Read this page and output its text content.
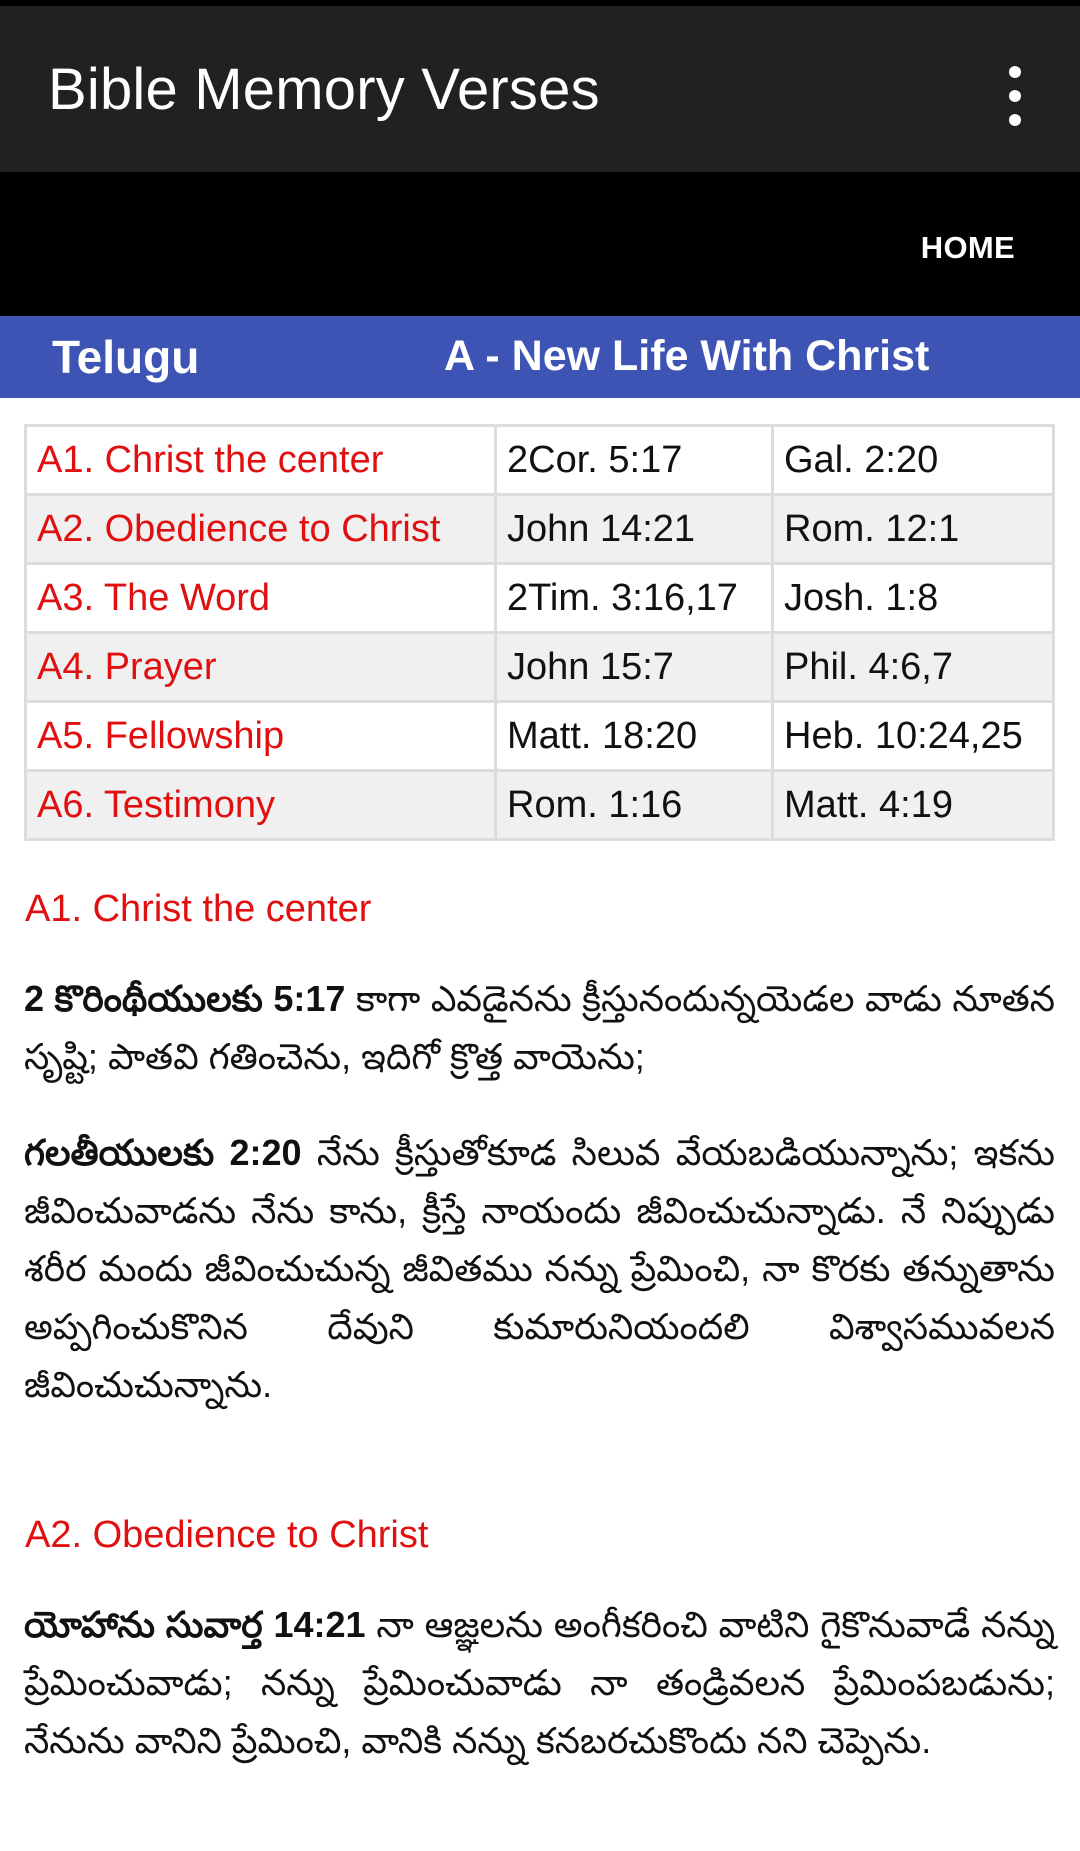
Bible Memory Verses
HOME
Telugu	A - New Life With Christ
A1. Christ the center	2Cor. 5:17	Gal. 2:20
A2. Obedience to Christ	John 14:21	Rom. 12:1
A3. The Word	2Tim. 3:16,17	Josh. 1:8
A4. Prayer	John 15:7	Phil. 4:6,7
A5. Fellowship	Matt. 18:20	Heb. 10:24,25
A6. Testimony	Rom. 1:16	Matt. 4:19
A1. Christ the center

2 కొరింథీయులకు 5:17 కాగా ఎవడైనను క్రీస్తునందున్నయెడల వాడు నూతన సృష్టి; పాతవి గతించెను, ఇదిగో క్రొత్త వాయెను;

గలతీయులకు 2:20 నేను క్రీస్తుతోకూడ సిలువ వేయబడియున్నాను; ఇకను జీవించువాడను నేను కాను, క్రీస్తే నాయందు జీవించుచున్నాడు. నే నిప్పుడు శరీర మందు జీవించుచున్న జీవితము నన్ను ప్రేమించి, నా కొరకు తన్నుతాను అప్పగించుకొనిన దేవుని కుమారునియందలి విశ్వాసమువలన జీవించుచున్నాను.

A2. Obedience to Christ

యోహాను సువార్త 14:21 నా ఆజ్ఞలను అంగీకరించి వాటిని గైకొనువాడే నన్ను ప్రేమించువాడు; నన్ను ప్రేమించువాడు నా తండ్రివలన ప్రేమింపబడును; నేనును వానిని ప్రేమించి, వానికి నన్ను కనబరచుకొందు నని చెప్పెను.
